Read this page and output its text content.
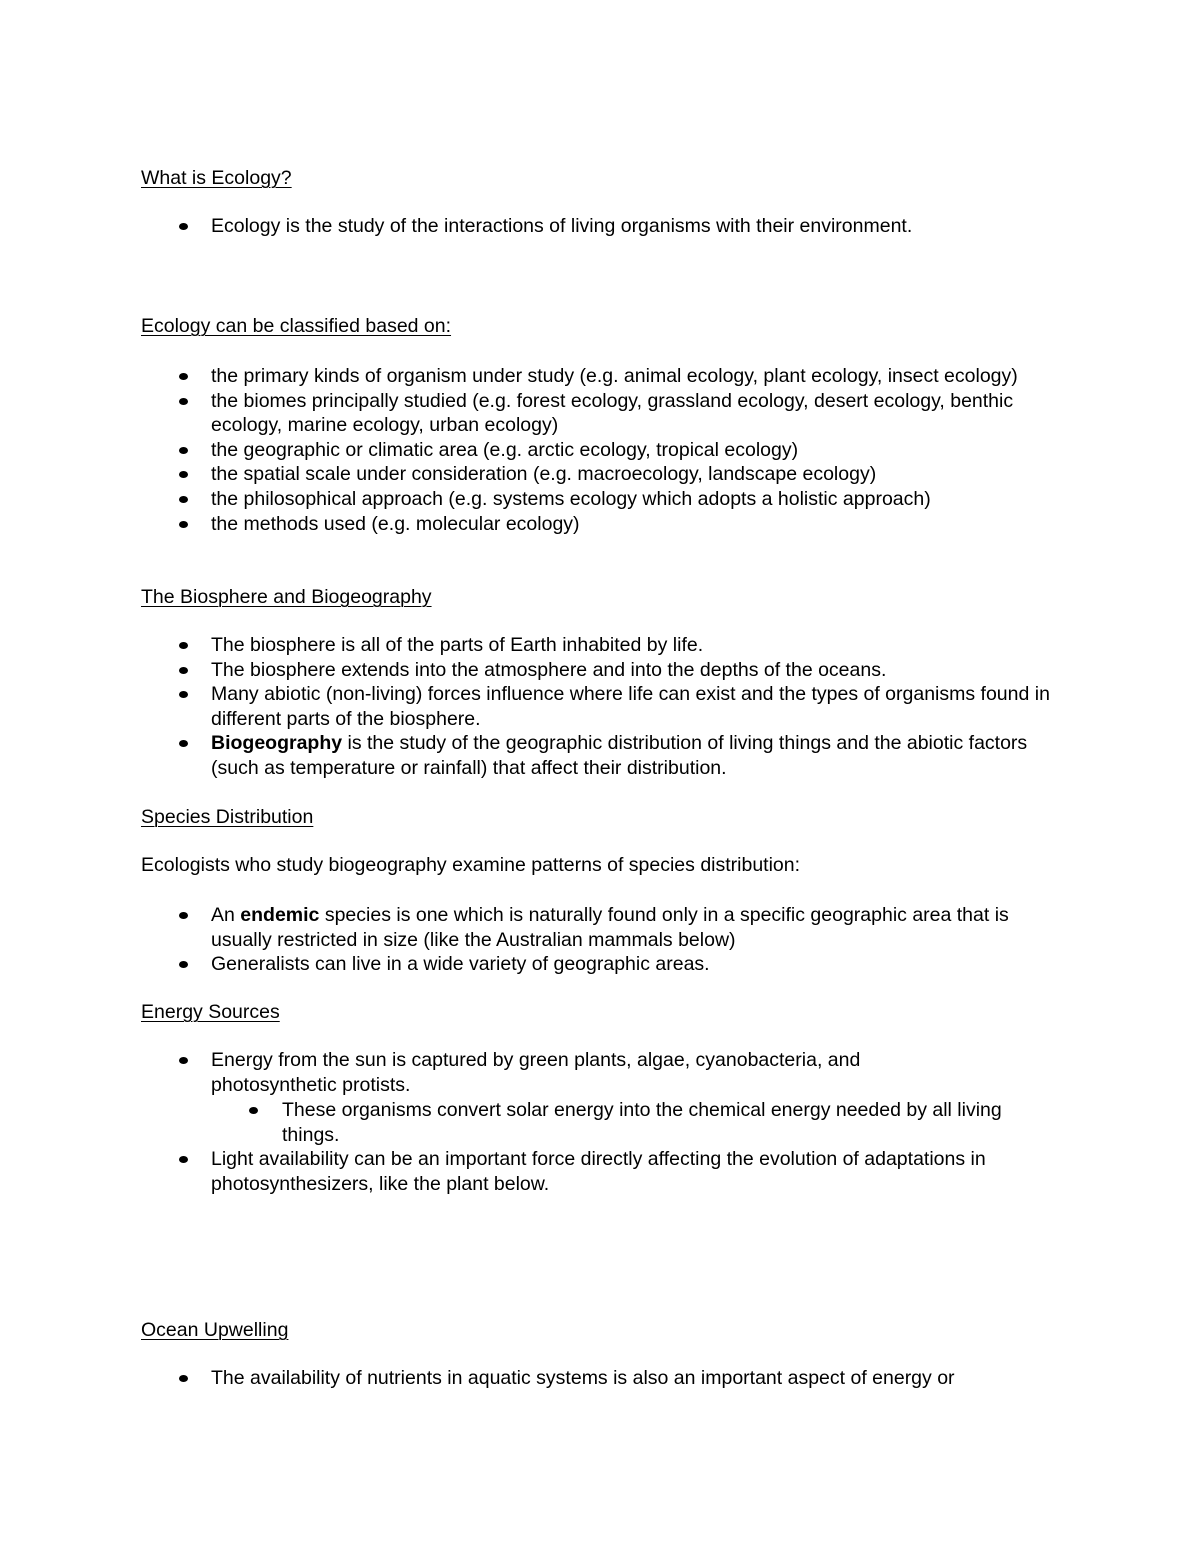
What is Ecology?
Ecology is the study of the interactions of living organisms with their environment.
Ecology can be classified based on:
the primary kinds of organism under study (e.g. animal ecology, plant ecology, insect ecology)
the biomes principally studied (e.g. forest ecology, grassland ecology, desert ecology, benthic ecology, marine ecology, urban ecology)
the geographic or climatic area (e.g. arctic ecology, tropical ecology)
the spatial scale under consideration (e.g. macroecology, landscape ecology)
the philosophical approach (e.g. systems ecology which adopts a holistic approach)
the methods used (e.g. molecular ecology)
The Biosphere and Biogeography
The biosphere is all of the parts of Earth inhabited by life.
The biosphere extends into the atmosphere and into the depths of the oceans.
Many abiotic (non-living) forces influence where life can exist and the types of organisms found in different parts of the biosphere.
Biogeography is the study of the geographic distribution of living things and the abiotic factors (such as temperature or rainfall) that affect their distribution.
Species Distribution
Ecologists who study biogeography examine patterns of species distribution:
An endemic species is one which is naturally found only in a specific geographic area that is usually restricted in size (like the Australian mammals below)
Generalists can live in a wide variety of geographic areas.
Energy Sources
Energy from the sun is captured by green plants, algae, cyanobacteria, and photosynthetic protists.
These organisms convert solar energy into the chemical energy needed by all living things.
Light availability can be an important force directly affecting the evolution of adaptations in photosynthesizers, like the plant below.
Ocean Upwelling
The availability of nutrients in aquatic systems is also an important aspect of energy or
